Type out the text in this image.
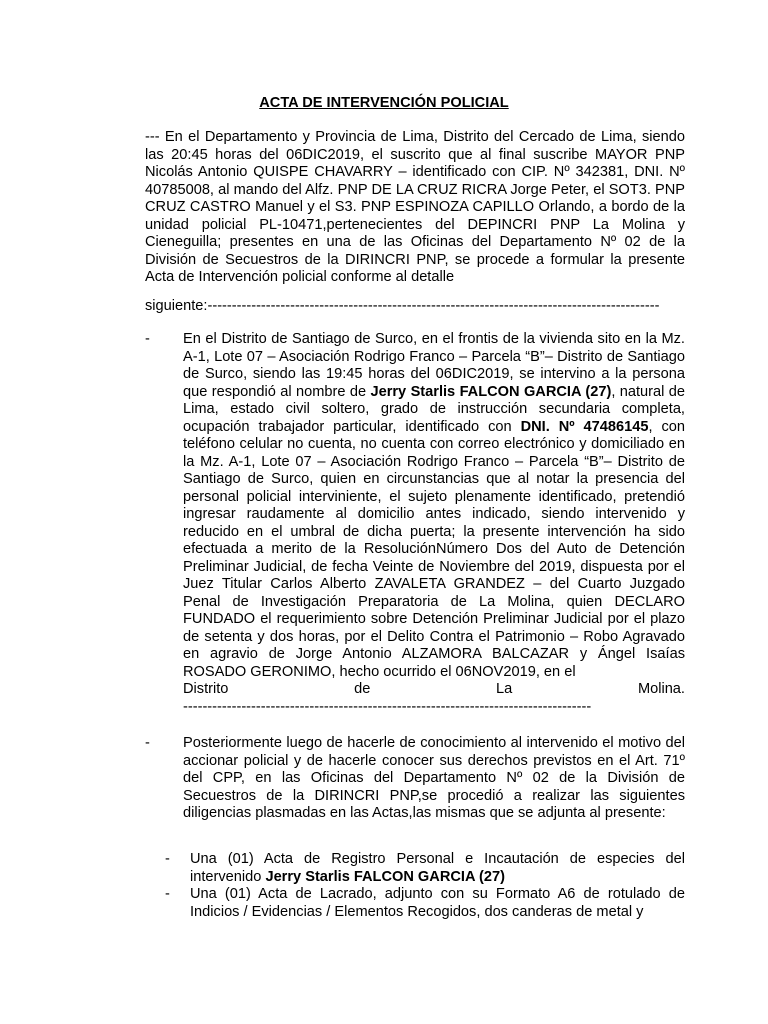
ACTA DE INTERVENCIÓN POLICIAL
--- En el Departamento y Provincia de Lima, Distrito del Cercado de Lima, siendo las 20:45 horas del 06DIC2019, el suscrito que al final suscribe MAYOR PNP Nicolás Antonio QUISPE CHAVARRY – identificado con CIP. Nº 342381, DNI. Nº 40785008, al mando del Alfz. PNP DE LA CRUZ RICRA Jorge Peter, el SOT3. PNP CRUZ CASTRO Manuel y el S3. PNP ESPINOZA CAPILLO Orlando, a bordo de la unidad policial PL-10471,pertenecientes del DEPINCRI PNP La Molina y Cieneguilla; presentes en una de las Oficinas del Departamento Nº 02 de la División de Secuestros de la DIRINCRI PNP, se procede a formular la presente Acta de Intervención policial conforme al detalle
siguiente:---------------------------------------------------------------------------------------------
-	En el Distrito de Santiago de Surco, en el frontis de la vivienda sito en la Mz. A-1, Lote 07 – Asociación Rodrigo Franco – Parcela “B”– Distrito de Santiago de Surco, siendo las 19:45 horas del 06DIC2019, se intervino a la persona que respondió al nombre de Jerry Starlis FALCON GARCIA (27), natural de Lima, estado civil soltero, grado de instrucción secundaria completa, ocupación trabajador particular, identificado con DNI. Nº 47486145, con teléfono celular no cuenta, no cuenta con correo electrónico y domiciliado en la Mz. A-1, Lote 07 – Asociación Rodrigo Franco – Parcela “B”– Distrito de Santiago de Surco, quien en circunstancias que al notar la presencia del personal policial interviniente, el sujeto plenamente identificado, pretendió ingresar raudamente al domicilio antes indicado, siendo intervenido y reducido en el umbral de dicha puerta; la presente intervención ha sido efectuada a merito de la ResoluciónNúmero Dos del Auto de Detención Preliminar Judicial, de fecha Veinte de Noviembre del 2019, dispuesta por el Juez Titular Carlos Alberto ZAVALETA GRANDEZ – del Cuarto Juzgado Penal de Investigación Preparatoria de La Molina, quien DECLARO FUNDADO el requerimiento sobre Detención Preliminar Judicial por el plazo de setenta y dos horas, por el Delito Contra el Patrimonio – Robo Agravado en agravio de Jorge Antonio ALZAMORA BALCAZAR y Ángel Isaías ROSADO GERONIMO, hecho ocurrido el 06NOV2019, en el
Distrito	de	La	Molina.
------------------------------------------------------------------------------------
-	Posteriormente luego de hacerle de conocimiento al intervenido el motivo del accionar policial y de hacerle conocer sus derechos previstos en el Art. 71º del CPP, en las Oficinas del Departamento Nº 02 de la División de Secuestros de la DIRINCRI PNP,se procedió a realizar las siguientes diligencias plasmadas en las Actas,las mismas que se adjunta al presente:
- Una (01) Acta de Registro Personal e Incautación de especies del intervenido Jerry Starlis FALCON GARCIA (27)
- Una (01) Acta de Lacrado, adjunto con su Formato A6 de rotulado de Indicios / Evidencias / Elementos Recogidos, dos canderas de metal y
